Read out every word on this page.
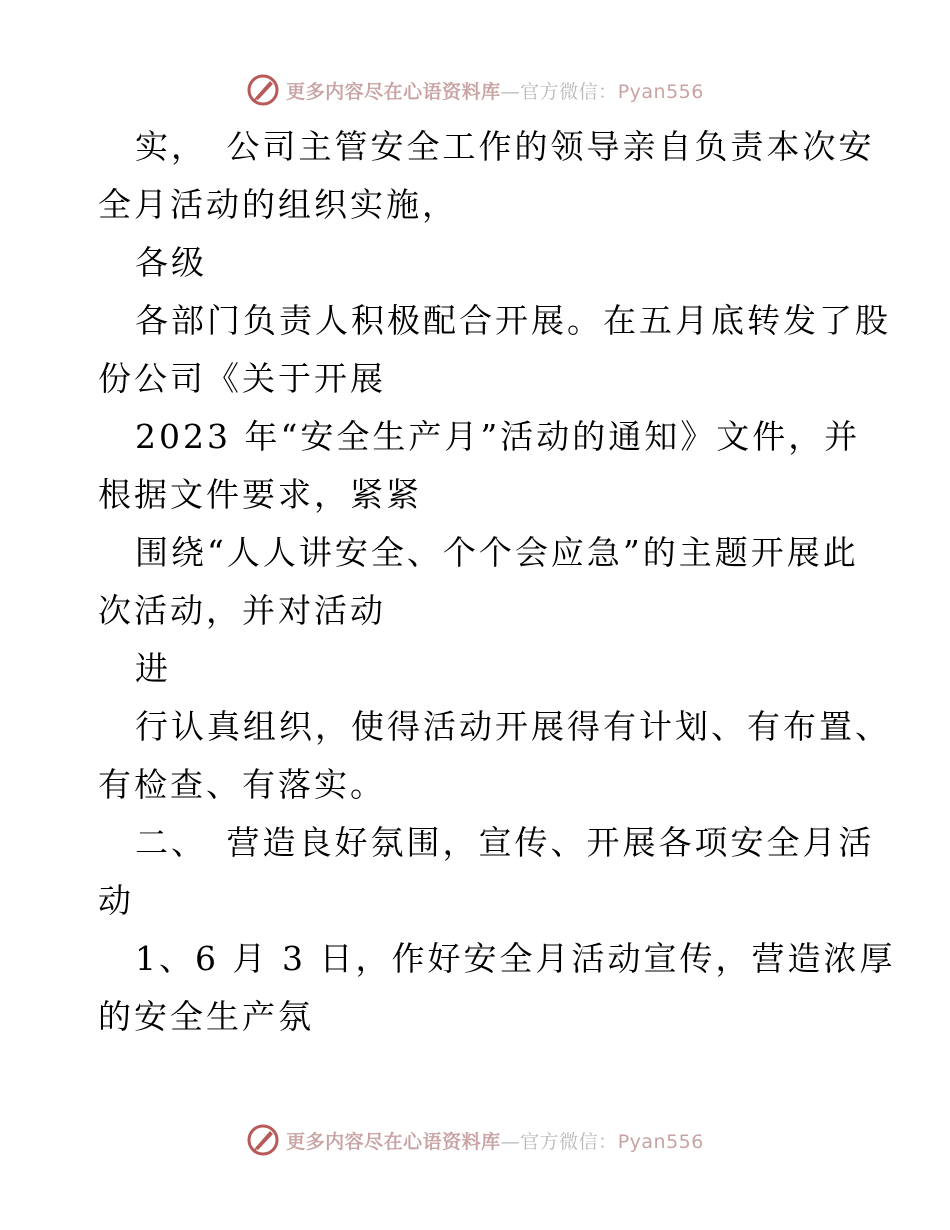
更多内容尽在心语资料库—官方微信：Pyan556

实，　公司主管安全工作的领导亲自负责本次安

全月活动的组织实施，

各级

各部门负责人积极配合开展。在五月底转发了股

份公司《关于开展

2023 年“安全生产月”活动的通知》文件，并

根据文件要求，紧紧

围绕“人人讲安全、个个会应急”的主题开展此

次活动，并对活动

进

行认真组织，使得活动开展得有计划、有布置、

有检查、有落实。

二、　营造良好氛围，宣传、开展各项安全月活

动

1、6 月 3 日，作好安全月活动宣传，营造浓厚

的安全生产氛

更多内容尽在心语资料库—官方微信：Pyan556
